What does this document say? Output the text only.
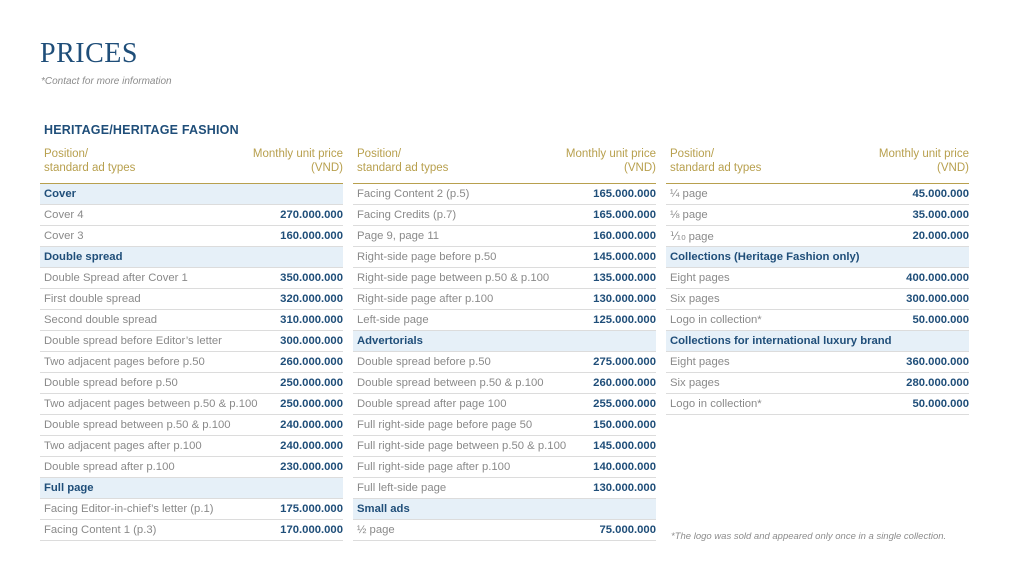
PRICES
*Contact for more information
HERITAGE/HERITAGE FASHION
Position/
standard ad types
Monthly unit price
(VND)
Cover
Cover 4	270.000.000
Cover 3	160.000.000
Double spread
Double Spread after Cover 1	350.000.000
First double spread	320.000.000
Second double spread	310.000.000
Double spread before Editor’s letter	300.000.000
Two adjacent pages before p.50	260.000.000
Double spread before p.50	250.000.000
Two adjacent pages between p.50 & p.100 250.000.000
Double spread between p.50 & p.100	240.000.000
Two adjacent pages after p.100	240.000.000
Double spread after p.100	230.000.000
Full page
Facing Editor-in-chief’s letter (p.1)	175.000.000
Facing Content 1 (p.3)	170.000.000
Position/
standard ad types
Monthly unit price
(VND)
Facing Content 2 (p.5)	165.000.000
Facing Credits (p.7)	165.000.000
Page 9, page 11	160.000.000
Right-side page before p.50	145.000.000
Right-side page between p.50 & p.100	135.000.000
Right-side page after p.100	130.000.000
Left-side page	125.000.000
Advertorials
Double spread before p.50	275.000.000
Double spread between p.50 & p.100	260.000.000
Double spread after page 100	255.000.000
Full right-side page before page 50	150.000.000
Full right-side page between p.50 & p.100 145.000.000
Full right-side page after p.100	140.000.000
Full left-side page	130.000.000
Small ads
½ page	75.000.000
Position/
standard ad types
Monthly unit price
(VND)
¼ page	45.000.000
⅛ page	35.000.000
⅒ page	20.000.000
Collections (Heritage Fashion only)
Eight pages	400.000.000
Six pages	300.000.000
Logo in collection*	50.000.000
Collections for international luxury brand
Eight pages	360.000.000
Six pages	280.000.000
Logo in collection*	50.000.000
*The logo was sold and appeared only once in a single collection.
